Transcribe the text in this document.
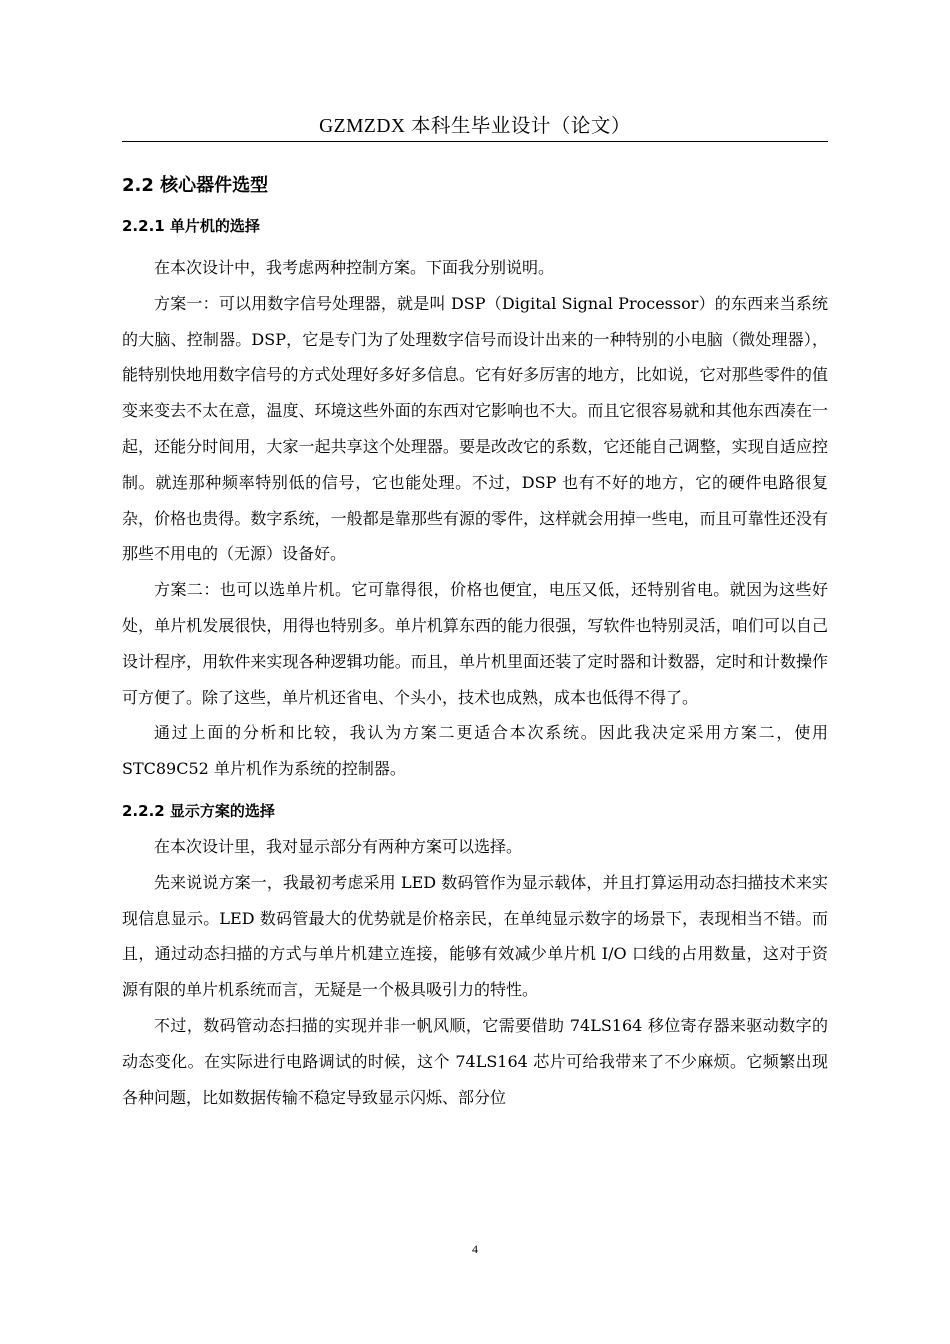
GZMZDX 本科生毕业设计（论文）
2.2 核心器件选型
2.2.1 单片机的选择

在本次设计中，我考虑两种控制方案。下面我分别说明。

方案一：可以用数字信号处理器，就是叫 DSP（Digital Signal Processor）的东西来当系统的大脑、控制器。DSP，它是专门为了处理数字信号而设计出来的一种特别的小电脑（微处理器），能特别快地用数字信号的方式处理好多好多信息。它有好多厉害的地方，比如说，它对那些零件的值变来变去不太在意，温度、环境这些外面的东西对它影响也不大。而且它很容易就和其他东西凑在一起，还能分时间用，大家一起共享这个处理器。要是改改它的系数，它还能自己调整，实现自适应控制。就连那种频率特别低的信号，它也能处理。不过，DSP 也有不好的地方，它的硬件电路很复杂，价格也贵得。数字系统，一般都是靠那些有源的零件，这样就会用掉一些电，而且可靠性还没有那些不用电的（无源）设备好。

方案二：也可以选单片机。它可靠得很，价格也便宜，电压又低，还特别省电。就因为这些好处，单片机发展很快，用得也特别多。单片机算东西的能力很强，写软件也特别灵活，咱们可以自己设计程序，用软件来实现各种逻辑功能。而且，单片机里面还装了定时器和计数器，定时和计数操作可方便了。除了这些，单片机还省电、个头小，技术也成熟，成本也低得不得了。

通过上面的分析和比较，我认为方案二更适合本次系统。因此我决定采用方案二，使用 STC89C52 单片机作为系统的控制器。

2.2.2 显示方案的选择

在本次设计里，我对显示部分有两种方案可以选择。

先来说说方案一，我最初考虑采用 LED 数码管作为显示载体，并且打算运用动态扫描技术来实现信息显示。LED 数码管最大的优势就是价格亲民，在单纯显示数字的场景下，表现相当不错。而且，通过动态扫描的方式与单片机建立连接，能够有效减少单片机 I/O 口线的占用数量，这对于资源有限的单片机系统而言，无疑是一个极具吸引力的特性。

不过，数码管动态扫描的实现并非一帆风顺，它需要借助 74LS164 移位寄存器来驱动数字的动态变化。在实际进行电路调试的时候，这个 74LS164 芯片可给我带来了不少麻烦。它频繁出现各种问题，比如数据传输不稳定导致显示闪烁、部分位

4
